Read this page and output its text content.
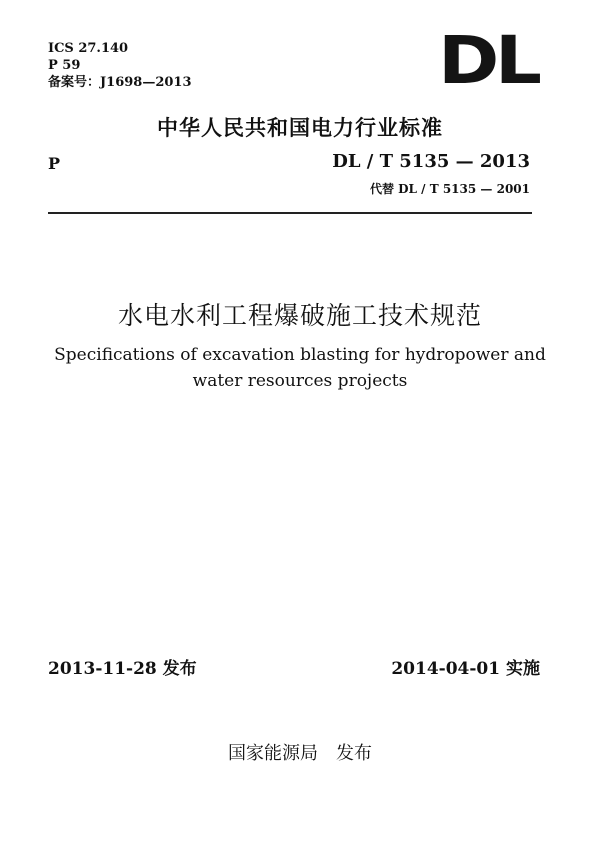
ICS 27.140
P 59
备案号：J1698—2013	DL
中华人民共和国电力行业标准
P	DL / T 5135 — 2013
代替 DL / T 5135 — 2001
水电水利工程爆破施工技术规范
Specifications of excavation blasting for hydropower and
water resources projects
2013-11-28 发布	2014-04-01 实施
国家能源局　发布
